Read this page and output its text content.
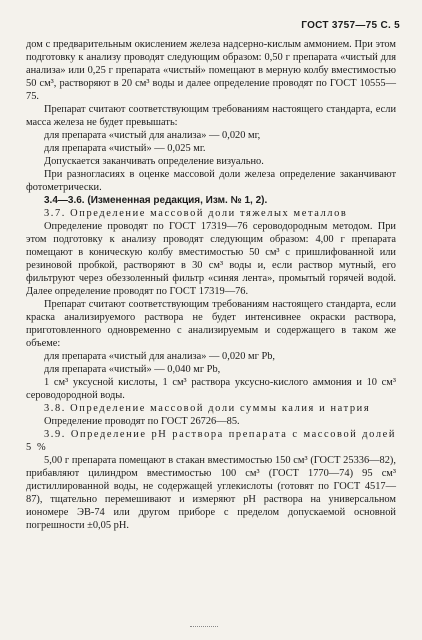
ГОСТ 3757—75 С. 5

дом с предварительным окислением железа надсерно-кислым аммонием. При этом подготовку к анализу проводят следующим образом: 0,50 г препарата «чистый для анализа» или 0,25 г препарата «чистый» помещают в мерную колбу вместимостью 50 см³, растворяют в 20 см³ воды и далее определение проводят по ГОСТ 10555—75.

Препарат считают соответствующим требованиям настоящего стандарта, если масса железа не будет превышать:

для препарата «чистый для анализа» — 0,020 мг,

для препарата «чистый» — 0,025 мг.

Допускается заканчивать определение визуально.

При разногласиях в оценке массовой доли железа определение заканчивают фотометрически.

3.4—3.6. (Измененная редакция, Изм. № 1, 2).

3.7. Определение массовой доли тяжелых металлов

Определение проводят по ГОСТ 17319—76 сероводородным методом. При этом подготовку к анализу проводят следующим образом: 4,00 г препарата помещают в коническую колбу вместимостью 50 см³ с пришлифованной или резиновой пробкой, растворяют в 30 см³ воды и, если раствор мутный, его фильтруют через обеззоленный фильтр «синяя лента», промытый горячей водой. Далее определение проводят по ГОСТ 17319—76.

Препарат считают соответствующим требованиям настоящего стандарта, если краска анализируемого раствора не будет интенсивнее окраски раствора, приготовленного одновременно с анализируемым и содержащего в таком же объеме:

для препарата «чистый для анализа» — 0,020 мг Pb,

для препарата «чистый» — 0,040 мг Pb,

1 см³ уксусной кислоты, 1 см³ раствора уксусно-кислого аммония и 10 см³ сероводородной воды.

3.8. Определение массовой доли суммы калия и натрия

Определение проводят по ГОСТ 26726—85.

3.9. Определение pH раствора препарата с массовой долей 5 %

5,00 г препарата помещают в стакан вместимостью 150 см³ (ГОСТ 25336—82), прибавляют цилиндром вместимостью 100 см³ (ГОСТ 1770—74) 95 см³ дистиллированной воды, не содержащей углекислоты (готовят по ГОСТ 4517—87), тщательно перемешивают и измеряют pH раствора на универсальном иономере ЭВ-74 или другом приборе с пределом допускаемой основной погрешности ±0,05 pH.
